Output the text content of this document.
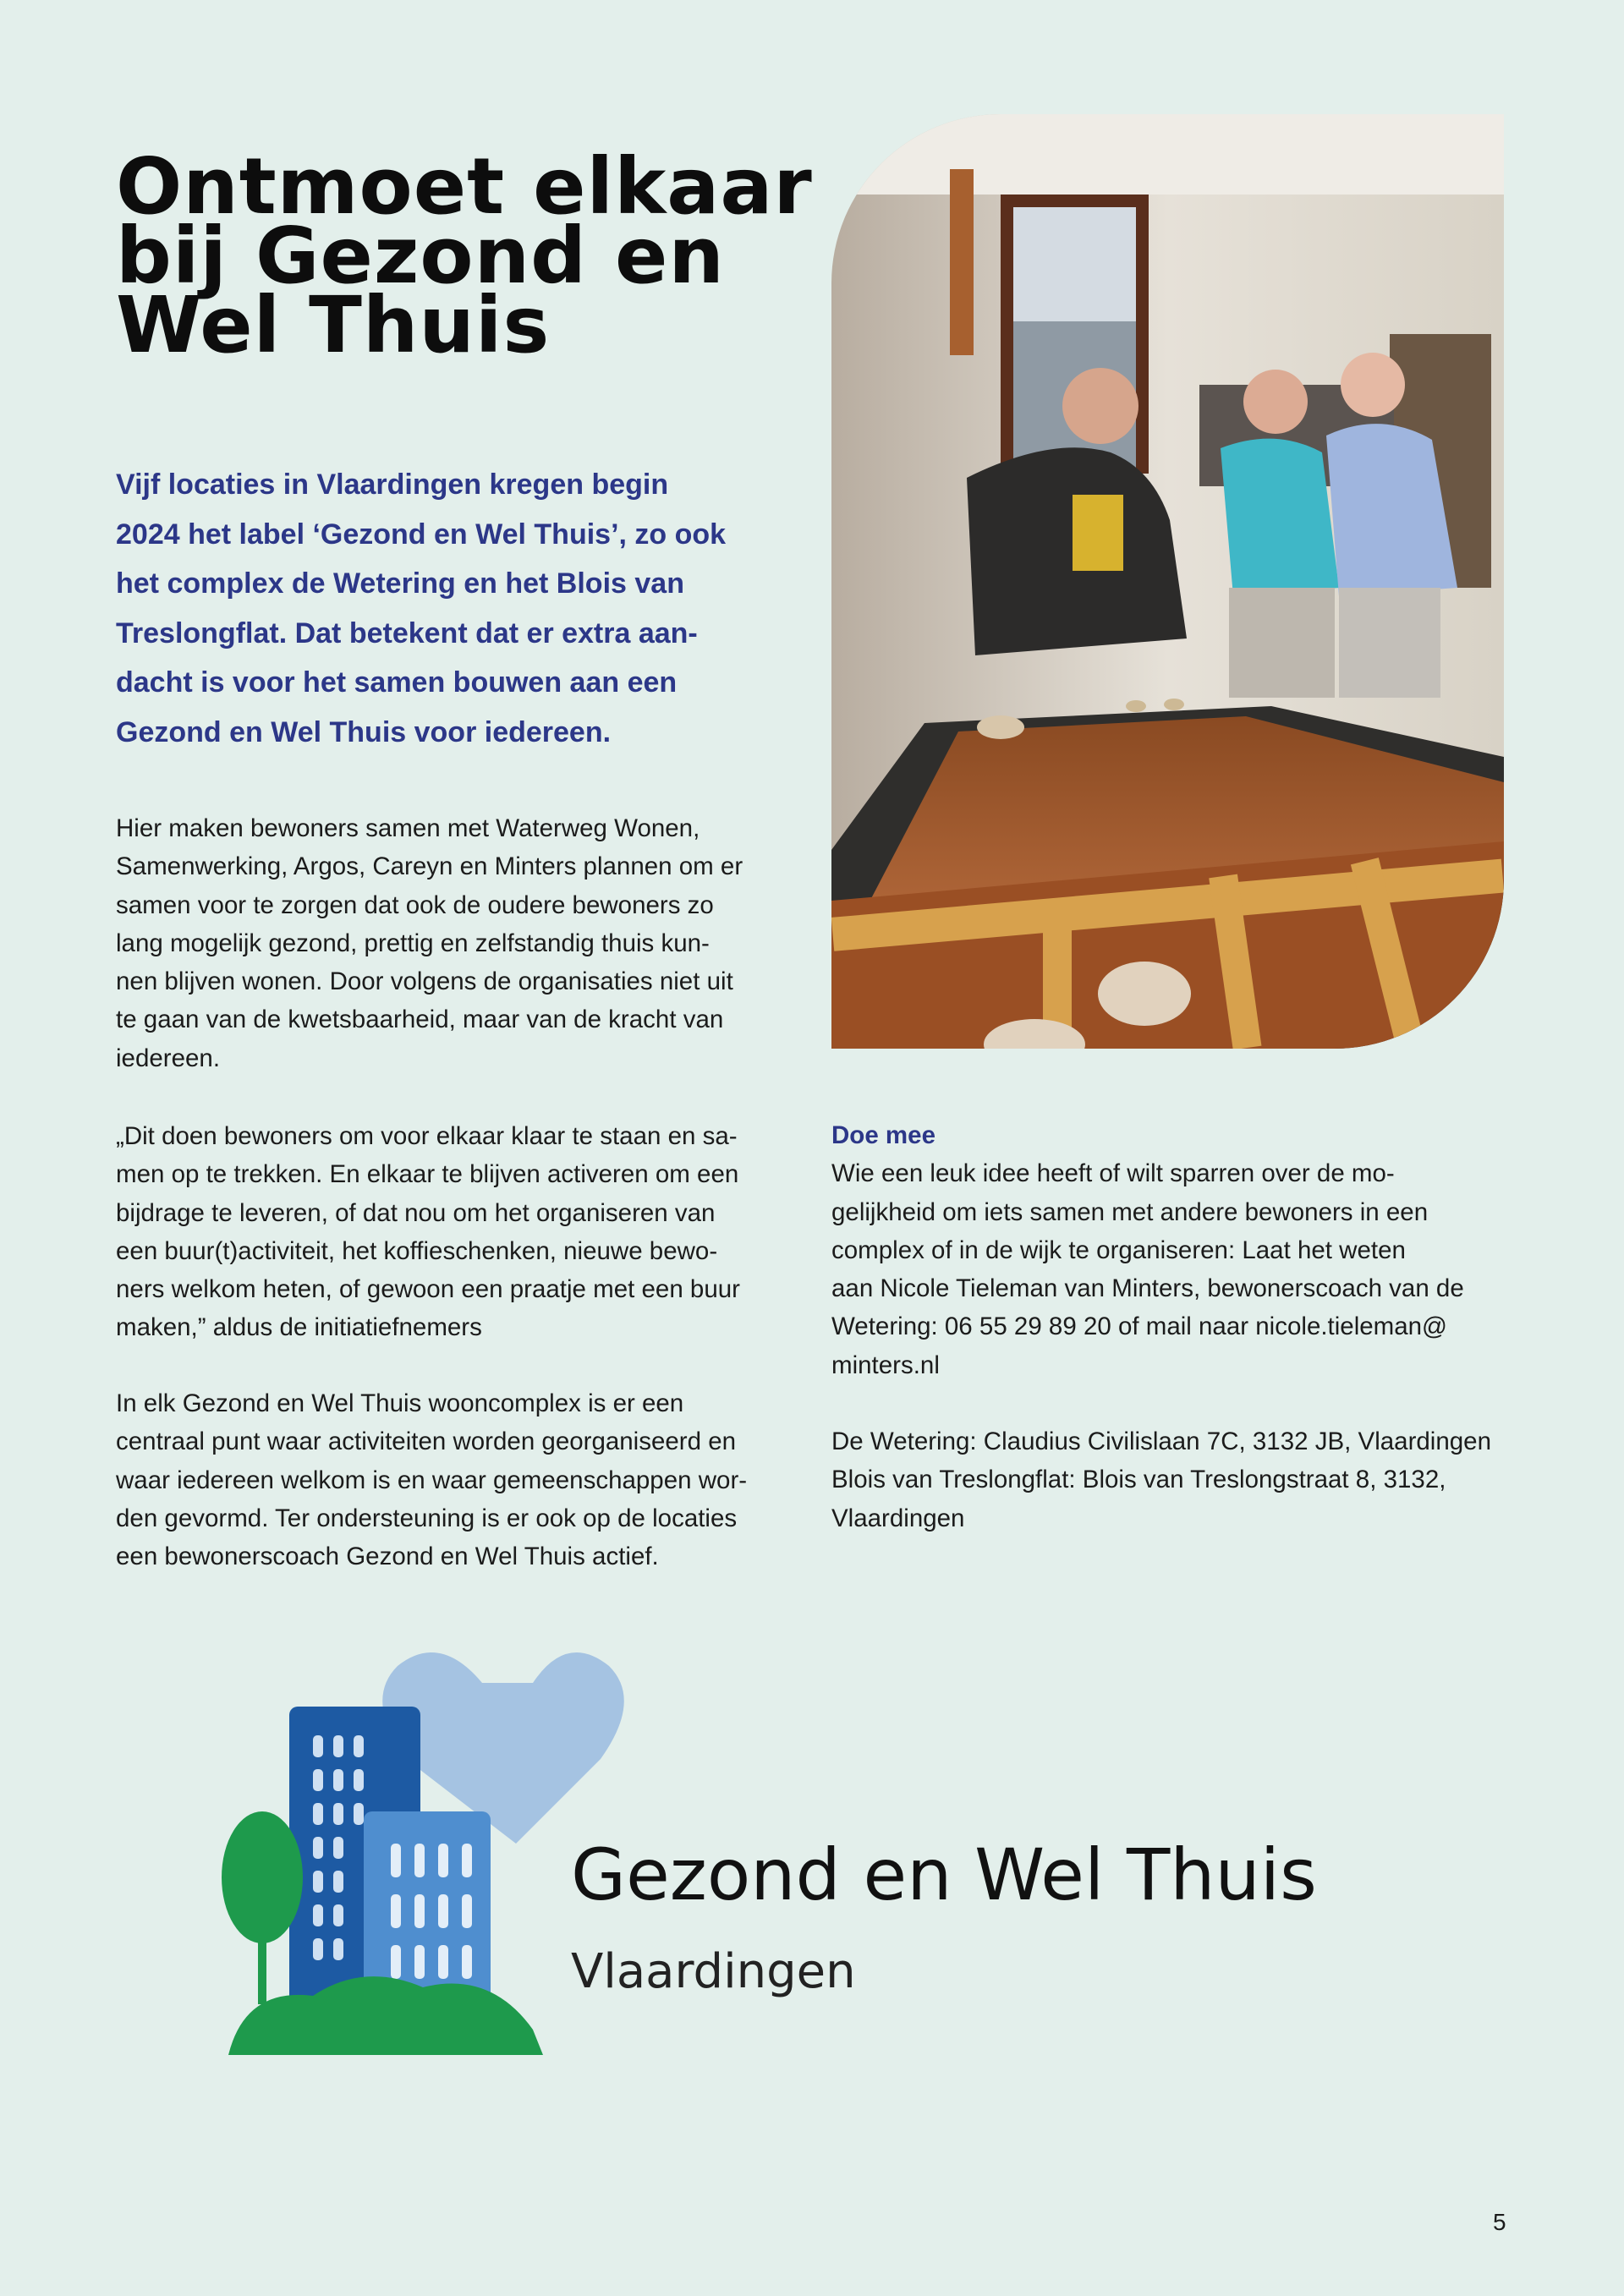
Ontmoet elkaar
bij Gezond en
Wel Thuis
Vijf locaties in Vlaardingen kregen begin
2024 het label ‘Gezond en Wel Thuis’, zo ook
het complex de Wetering en het Blois van
Treslongflat. Dat betekent dat er extra aan-
dacht is voor het samen bouwen aan een
Gezond en Wel Thuis voor iedereen.
Hier maken bewoners samen met Waterweg Wonen,
Samenwerking, Argos, Careyn en Minters plannen om er
samen voor te zorgen dat ook de oudere bewoners zo
lang mogelijk gezond, prettig en zelfstandig thuis kun-
nen blijven wonen. Door volgens de organisaties niet uit
te gaan van de kwetsbaarheid, maar van de kracht van
iedereen.
„Dit doen bewoners om voor elkaar klaar te staan en sa-
men op te trekken. En elkaar te blijven activeren om een
bijdrage te leveren, of dat nou om het organiseren van
een buur(t)activiteit, het koffieschenken, nieuwe bewo-
ners welkom heten, of gewoon een praatje met een buur
maken,” aldus de initiatiefnemers
In elk Gezond en Wel Thuis wooncomplex is er een
centraal punt waar activiteiten worden georganiseerd en
waar iedereen welkom is en waar gemeenschappen wor-
den gevormd. Ter ondersteuning is er ook op de locaties
een bewonerscoach Gezond en Wel Thuis actief.
Doe mee
Wie een leuk idee heeft of wilt sparren over de mo-
gelijkheid om iets samen met andere bewoners in een
complex of in de wijk te organiseren: Laat het weten
aan Nicole Tieleman van Minters, bewonerscoach van de
Wetering: 06 55 29 89 20 of mail naar nicole.tieleman@
minters.nl
De Wetering: Claudius Civilislaan 7C, 3132 JB, Vlaardingen
Blois van Treslongflat: Blois van Treslongstraat 8, 3132,
Vlaardingen
Gezond en Wel Thuis
Vlaardingen
5
